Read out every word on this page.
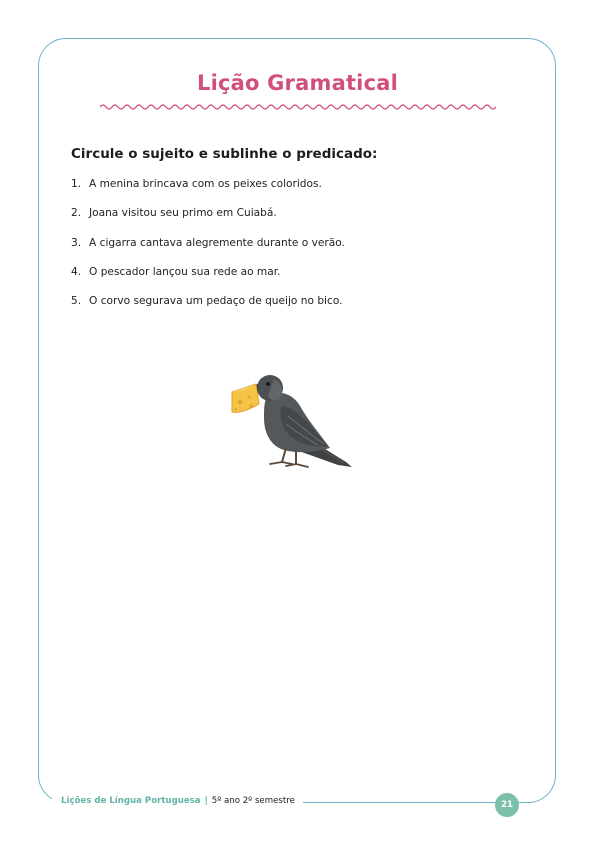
Lição Gramatical
Circule o sujeito e sublinhe o predicado:
1. A menina brincava com os peixes coloridos.
2. Joana visitou seu primo em Cuiabá.
3. A cigarra cantava alegremente durante o verão.
4. O pescador lançou sua rede ao mar.
5. O corvo segurava um pedaço de queijo no bico.
Lições de Língua Portuguesa | 5º ano 2º semestre	21
